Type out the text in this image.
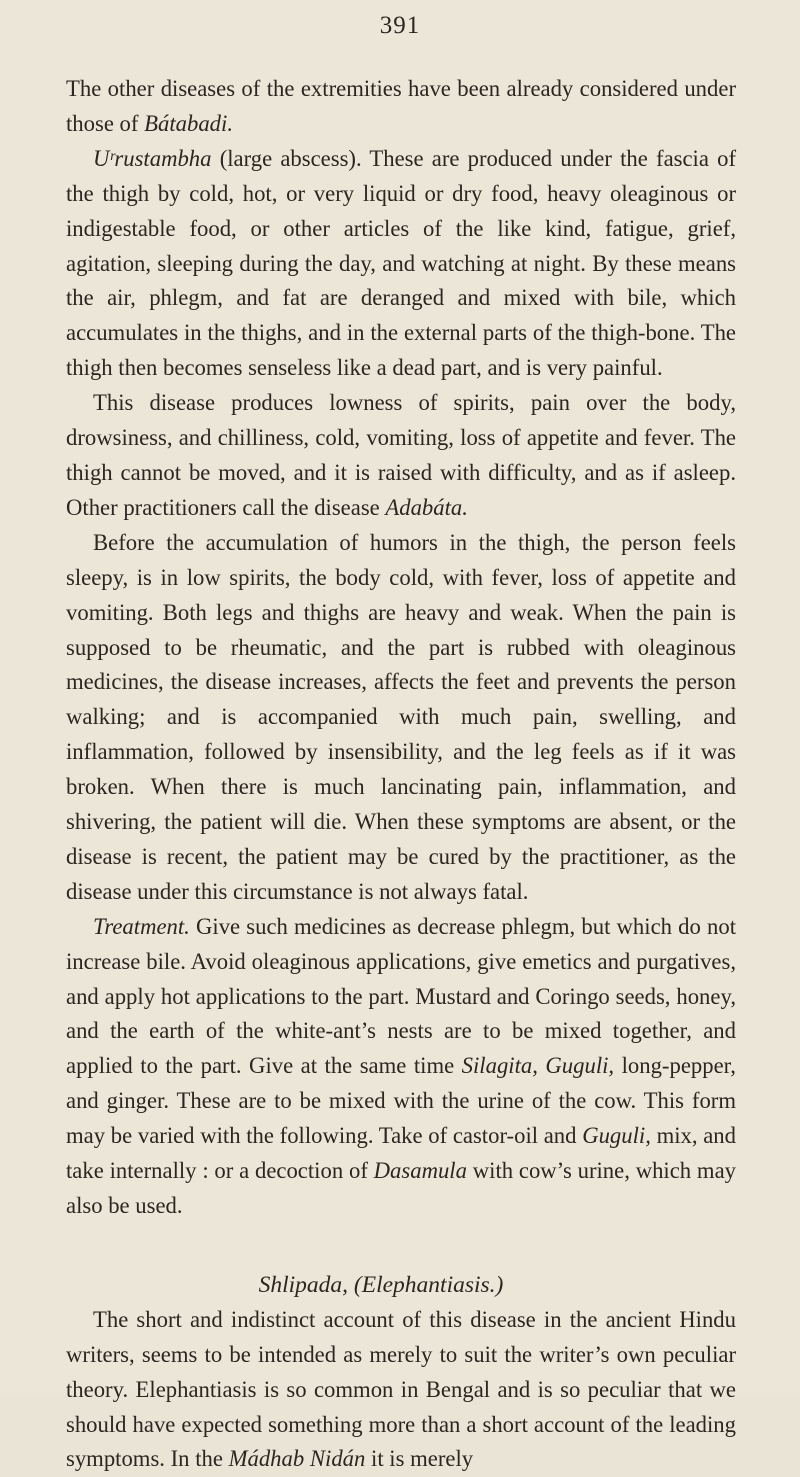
391

The other diseases of the extremities have been already considered under those of Bátabadi.

Uʳrustambha (large abscess). These are produced under the fascia of the thigh by cold, hot, or very liquid or dry food, heavy oleaginous or indigestable food, or other articles of the like kind, fatigue, grief, agitation, sleeping during the day, and watching at night. By these means the air, phlegm, and fat are deranged and mixed with bile, which accumulates in the thighs, and in the external parts of the thigh-bone. The thigh then becomes senseless like a dead part, and is very painful.

This disease produces lowness of spirits, pain over the body, drowsiness, and chilliness, cold, vomiting, loss of appetite and fever. The thigh cannot be moved, and it is raised with difficulty, and as if asleep. Other practitioners call the disease Adabáta.

Before the accumulation of humors in the thigh, the person feels sleepy, is in low spirits, the body cold, with fever, loss of appetite and vomiting. Both legs and thighs are heavy and weak. When the pain is supposed to be rheumatic, and the part is rubbed with oleaginous medicines, the disease increases, affects the feet and prevents the person walking; and is accompanied with much pain, swelling, and inflammation, followed by insensibility, and the leg feels as if it was broken. When there is much lancinating pain, inflammation, and shivering, the patient will die. When these symptoms are absent, or the disease is recent, the patient may be cured by the practitioner, as the disease under this circumstance is not always fatal.

Treatment. Give such medicines as decrease phlegm, but which do not increase bile. Avoid oleaginous applications, give emetics and purgatives, and apply hot applications to the part. Mustard and Coringo seeds, honey, and the earth of the white-ant’s nests are to be mixed together, and applied to the part. Give at the same time Silagita, Guguli, long-pepper, and ginger. These are to be mixed with the urine of the cow. This form may be varied with the following. Take of castor-oil and Guguli, mix, and take internally : or a decoction of Dasamula with cow’s urine, which may also be used.

Shlipada, (Elephantiasis.)

The short and indistinct account of this disease in the ancient Hindu writers, seems to be intended as merely to suit the writer’s own peculiar theory. Elephantiasis is so common in Bengal and is so peculiar that we should have expected something more than a short account of the leading symptoms. In the Mádhab Nidán it is merely
